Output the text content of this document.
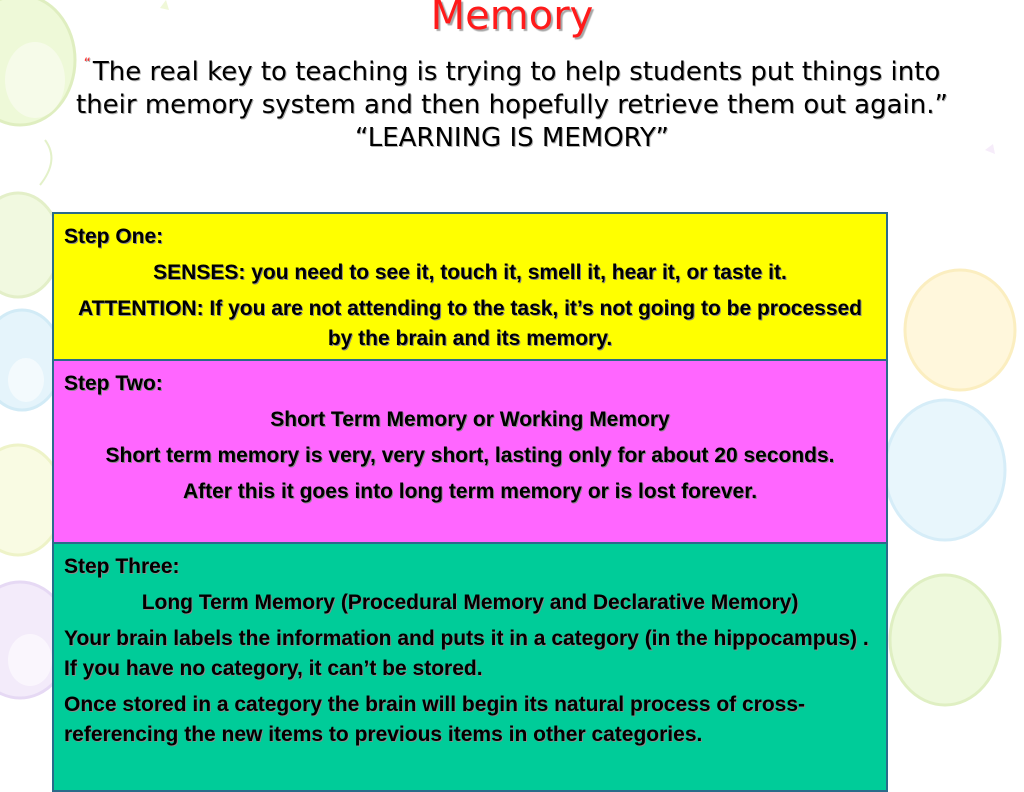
Memory
“The real key to teaching is trying to help students put things into their memory system and then hopefully retrieve them out again.”
“LEARNING IS MEMORY”

Step One:

SENSES: you need to see it, touch it, smell it, hear it, or taste it.

ATTENTION: If you are not attending to the task, it’s not going to be processed by the brain and its memory.

Step Two:

Short Term Memory or Working Memory

Short term memory is very, very short, lasting only for about 20 seconds.

After this it goes into long term memory or is lost forever.

Step Three:

Long Term Memory (Procedural Memory and Declarative Memory)

Your brain labels the information and puts it in a category (in the hippocampus) . If you have no category, it can’t be stored.

Once stored in a category the brain will begin its natural process of cross-referencing the new items to previous items in other categories.
